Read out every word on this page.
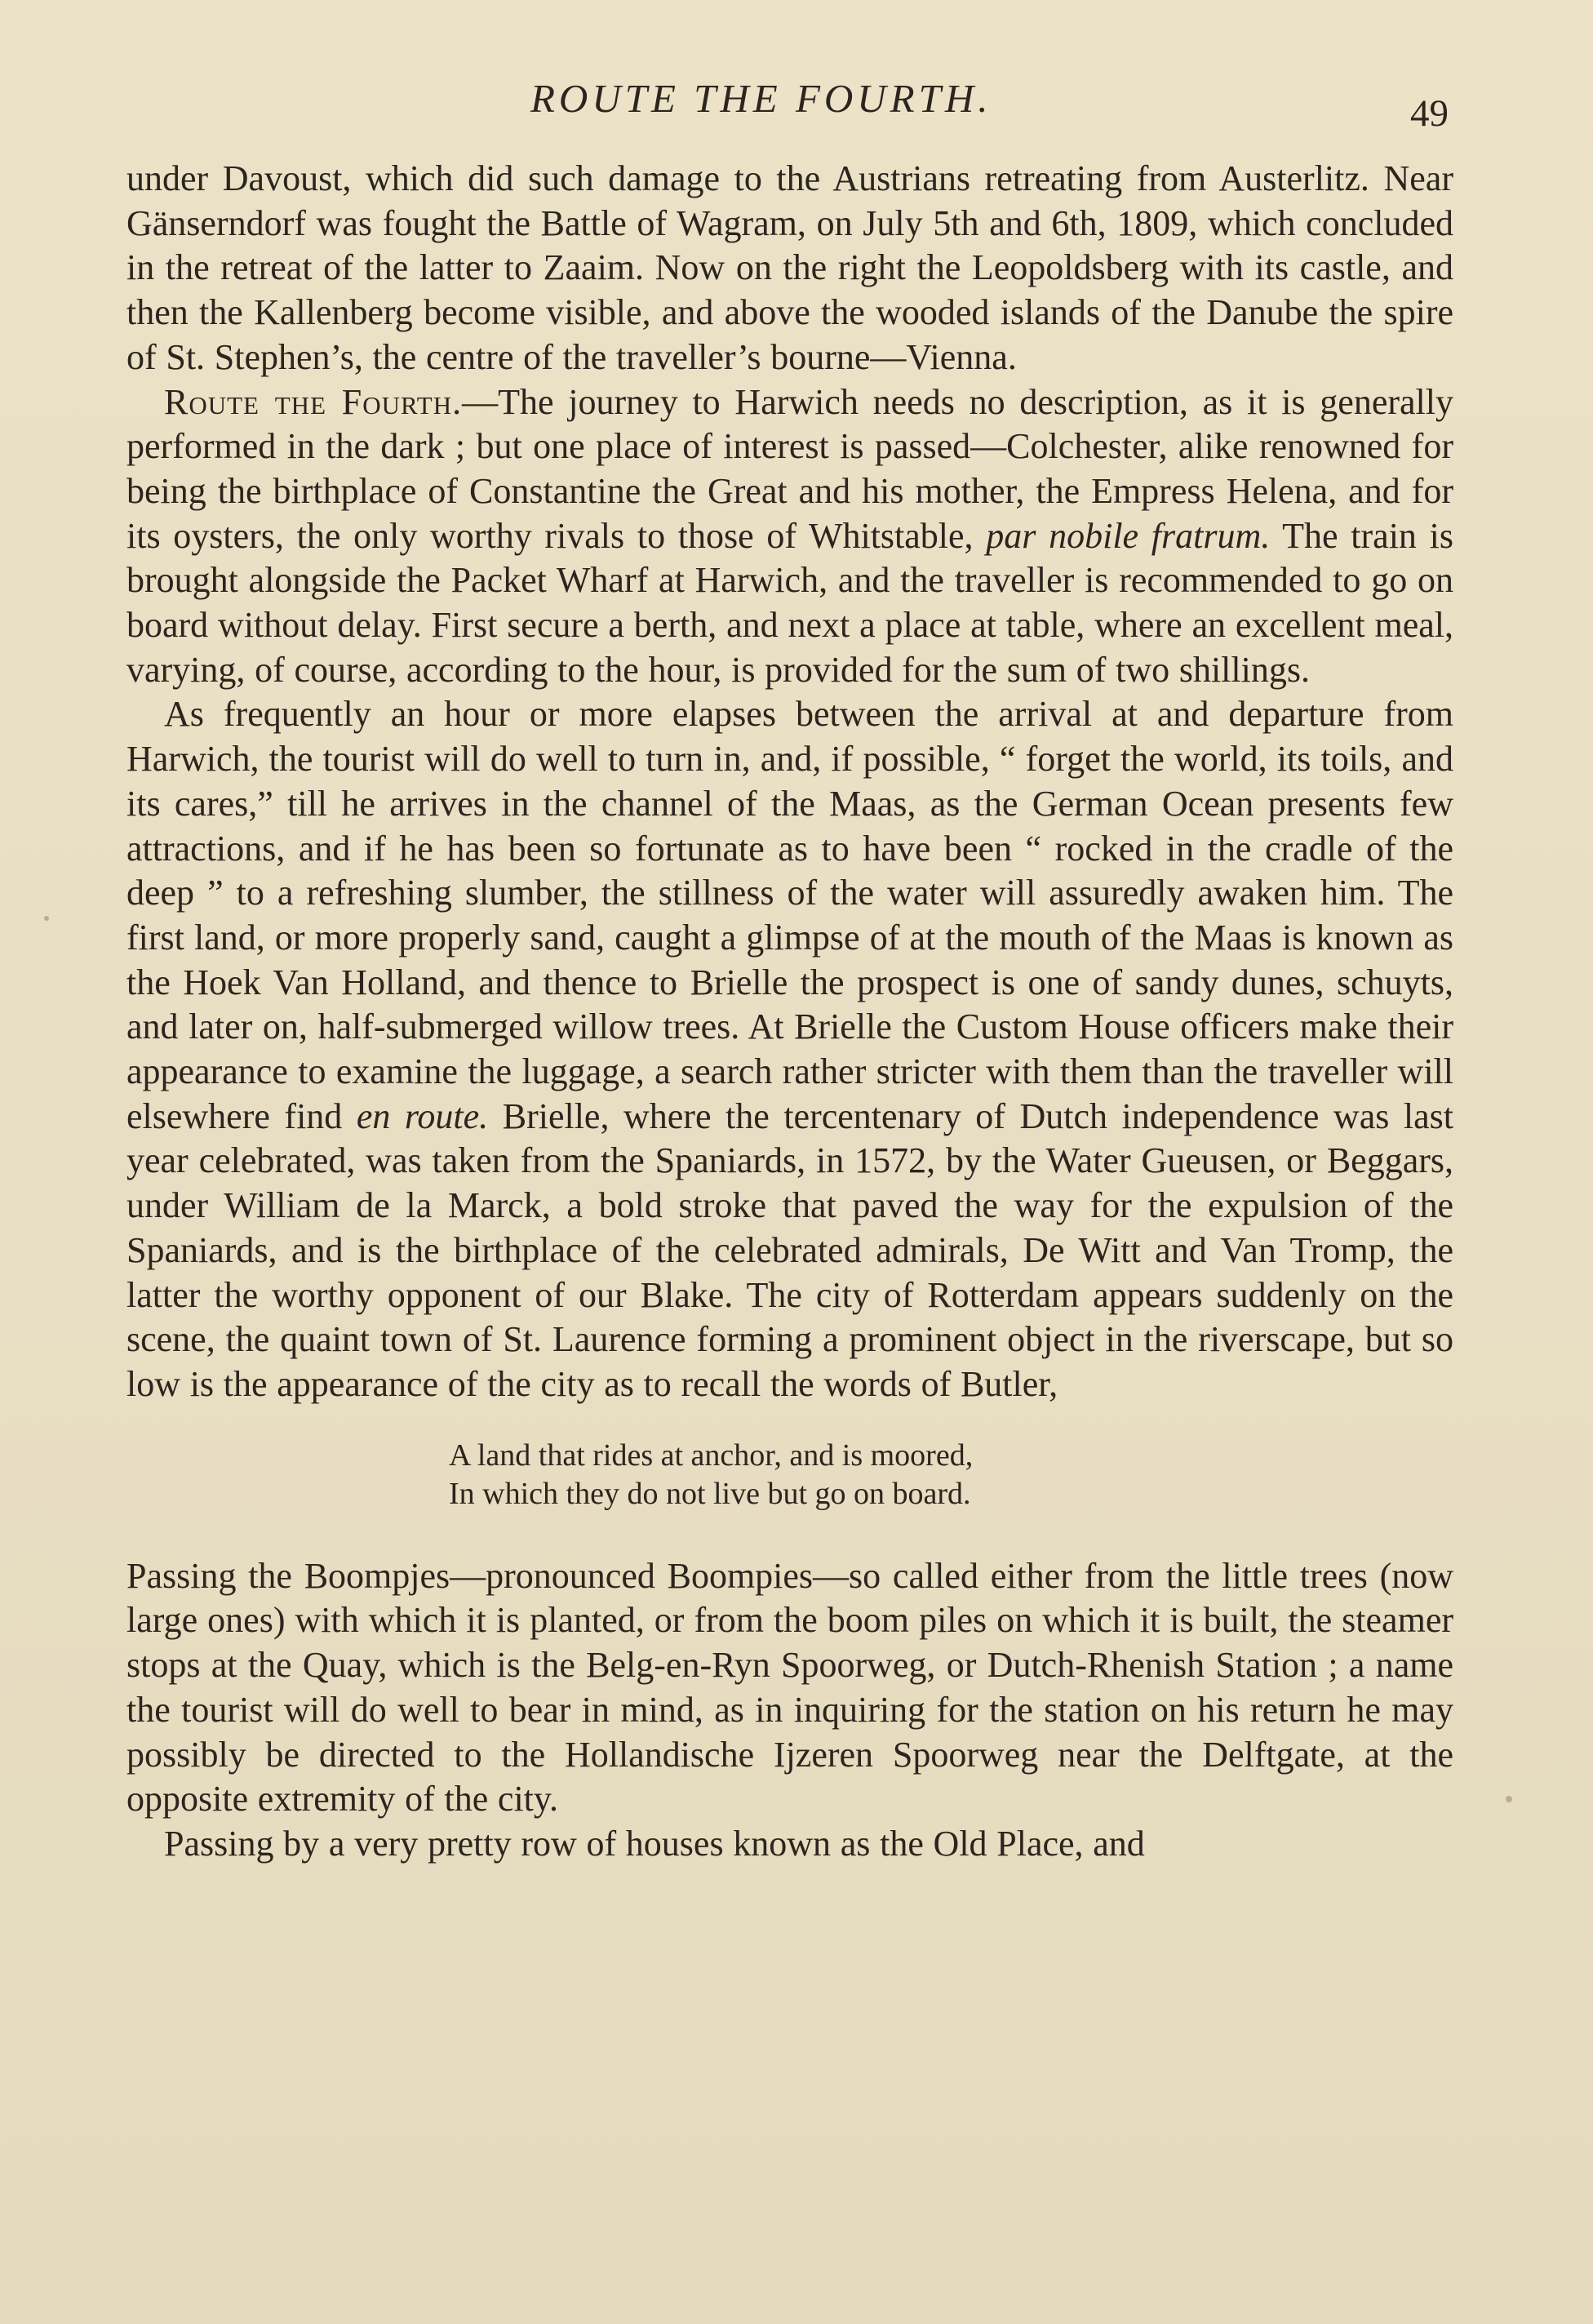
ROUTE THE FOURTH.	49

under Davoust, which did such damage to the Austrians retreating from Austerlitz. Near Gänserndorf was fought the Battle of Wagram, on July 5th and 6th, 1809, which concluded in the retreat of the latter to Zaaim. Now on the right the Leopoldsberg with its castle, and then the Kallenberg become visible, and above the wooded islands of the Danube the spire of St. Stephen’s, the centre of the traveller’s bourne—Vienna.

Route the Fourth.—The journey to Harwich needs no description, as it is generally performed in the dark ; but one place of interest is passed—Colchester, alike renowned for being the birthplace of Constantine the Great and his mother, the Empress Helena, and for its oysters, the only worthy rivals to those of Whitstable, par nobile fratrum. The train is brought alongside the Packet Wharf at Harwich, and the traveller is recommended to go on board without delay. First secure a berth, and next a place at table, where an excellent meal, varying, of course, according to the hour, is provided for the sum of two shillings.

As frequently an hour or more elapses between the arrival at and departure from Harwich, the tourist will do well to turn in, and, if possible, “ forget the world, its toils, and its cares,” till he arrives in the channel of the Maas, as the German Ocean presents few attractions, and if he has been so fortunate as to have been “ rocked in the cradle of the deep ” to a refreshing slumber, the stillness of the water will assuredly awaken him. The first land, or more properly sand, caught a glimpse of at the mouth of the Maas is known as the Hoek Van Holland, and thence to Brielle the prospect is one of sandy dunes, schuyts, and later on, half-submerged willow trees. At Brielle the Custom House officers make their appearance to examine the luggage, a search rather stricter with them than the traveller will elsewhere find en route. Brielle, where the tercentenary of Dutch independence was last year celebrated, was taken from the Spaniards, in 1572, by the Water Gueusen, or Beggars, under William de la Marck, a bold stroke that paved the way for the expulsion of the Spaniards, and is the birthplace of the celebrated admirals, De Witt and Van Tromp, the latter the worthy opponent of our Blake. The city of Rotterdam appears suddenly on the scene, the quaint town of St. Laurence forming a prominent object in the riverscape, but so low is the appearance of the city as to recall the words of Butler,

A land that rides at anchor, and is moored,
In which they do not live but go on board.

Passing the Boompjes—pronounced Boompies—so called either from the little trees (now large ones) with which it is planted, or from the boom piles on which it is built, the steamer stops at the Quay, which is the Belg-en-Ryn Spoorweg, or Dutch-Rhenish Station ; a name the tourist will do well to bear in mind, as in inquiring for the station on his return he may possibly be directed to the Hollandische Ijzeren Spoorweg near the Delftgate, at the opposite extremity of the city.

Passing by a very pretty row of houses known as the Old Place, and
